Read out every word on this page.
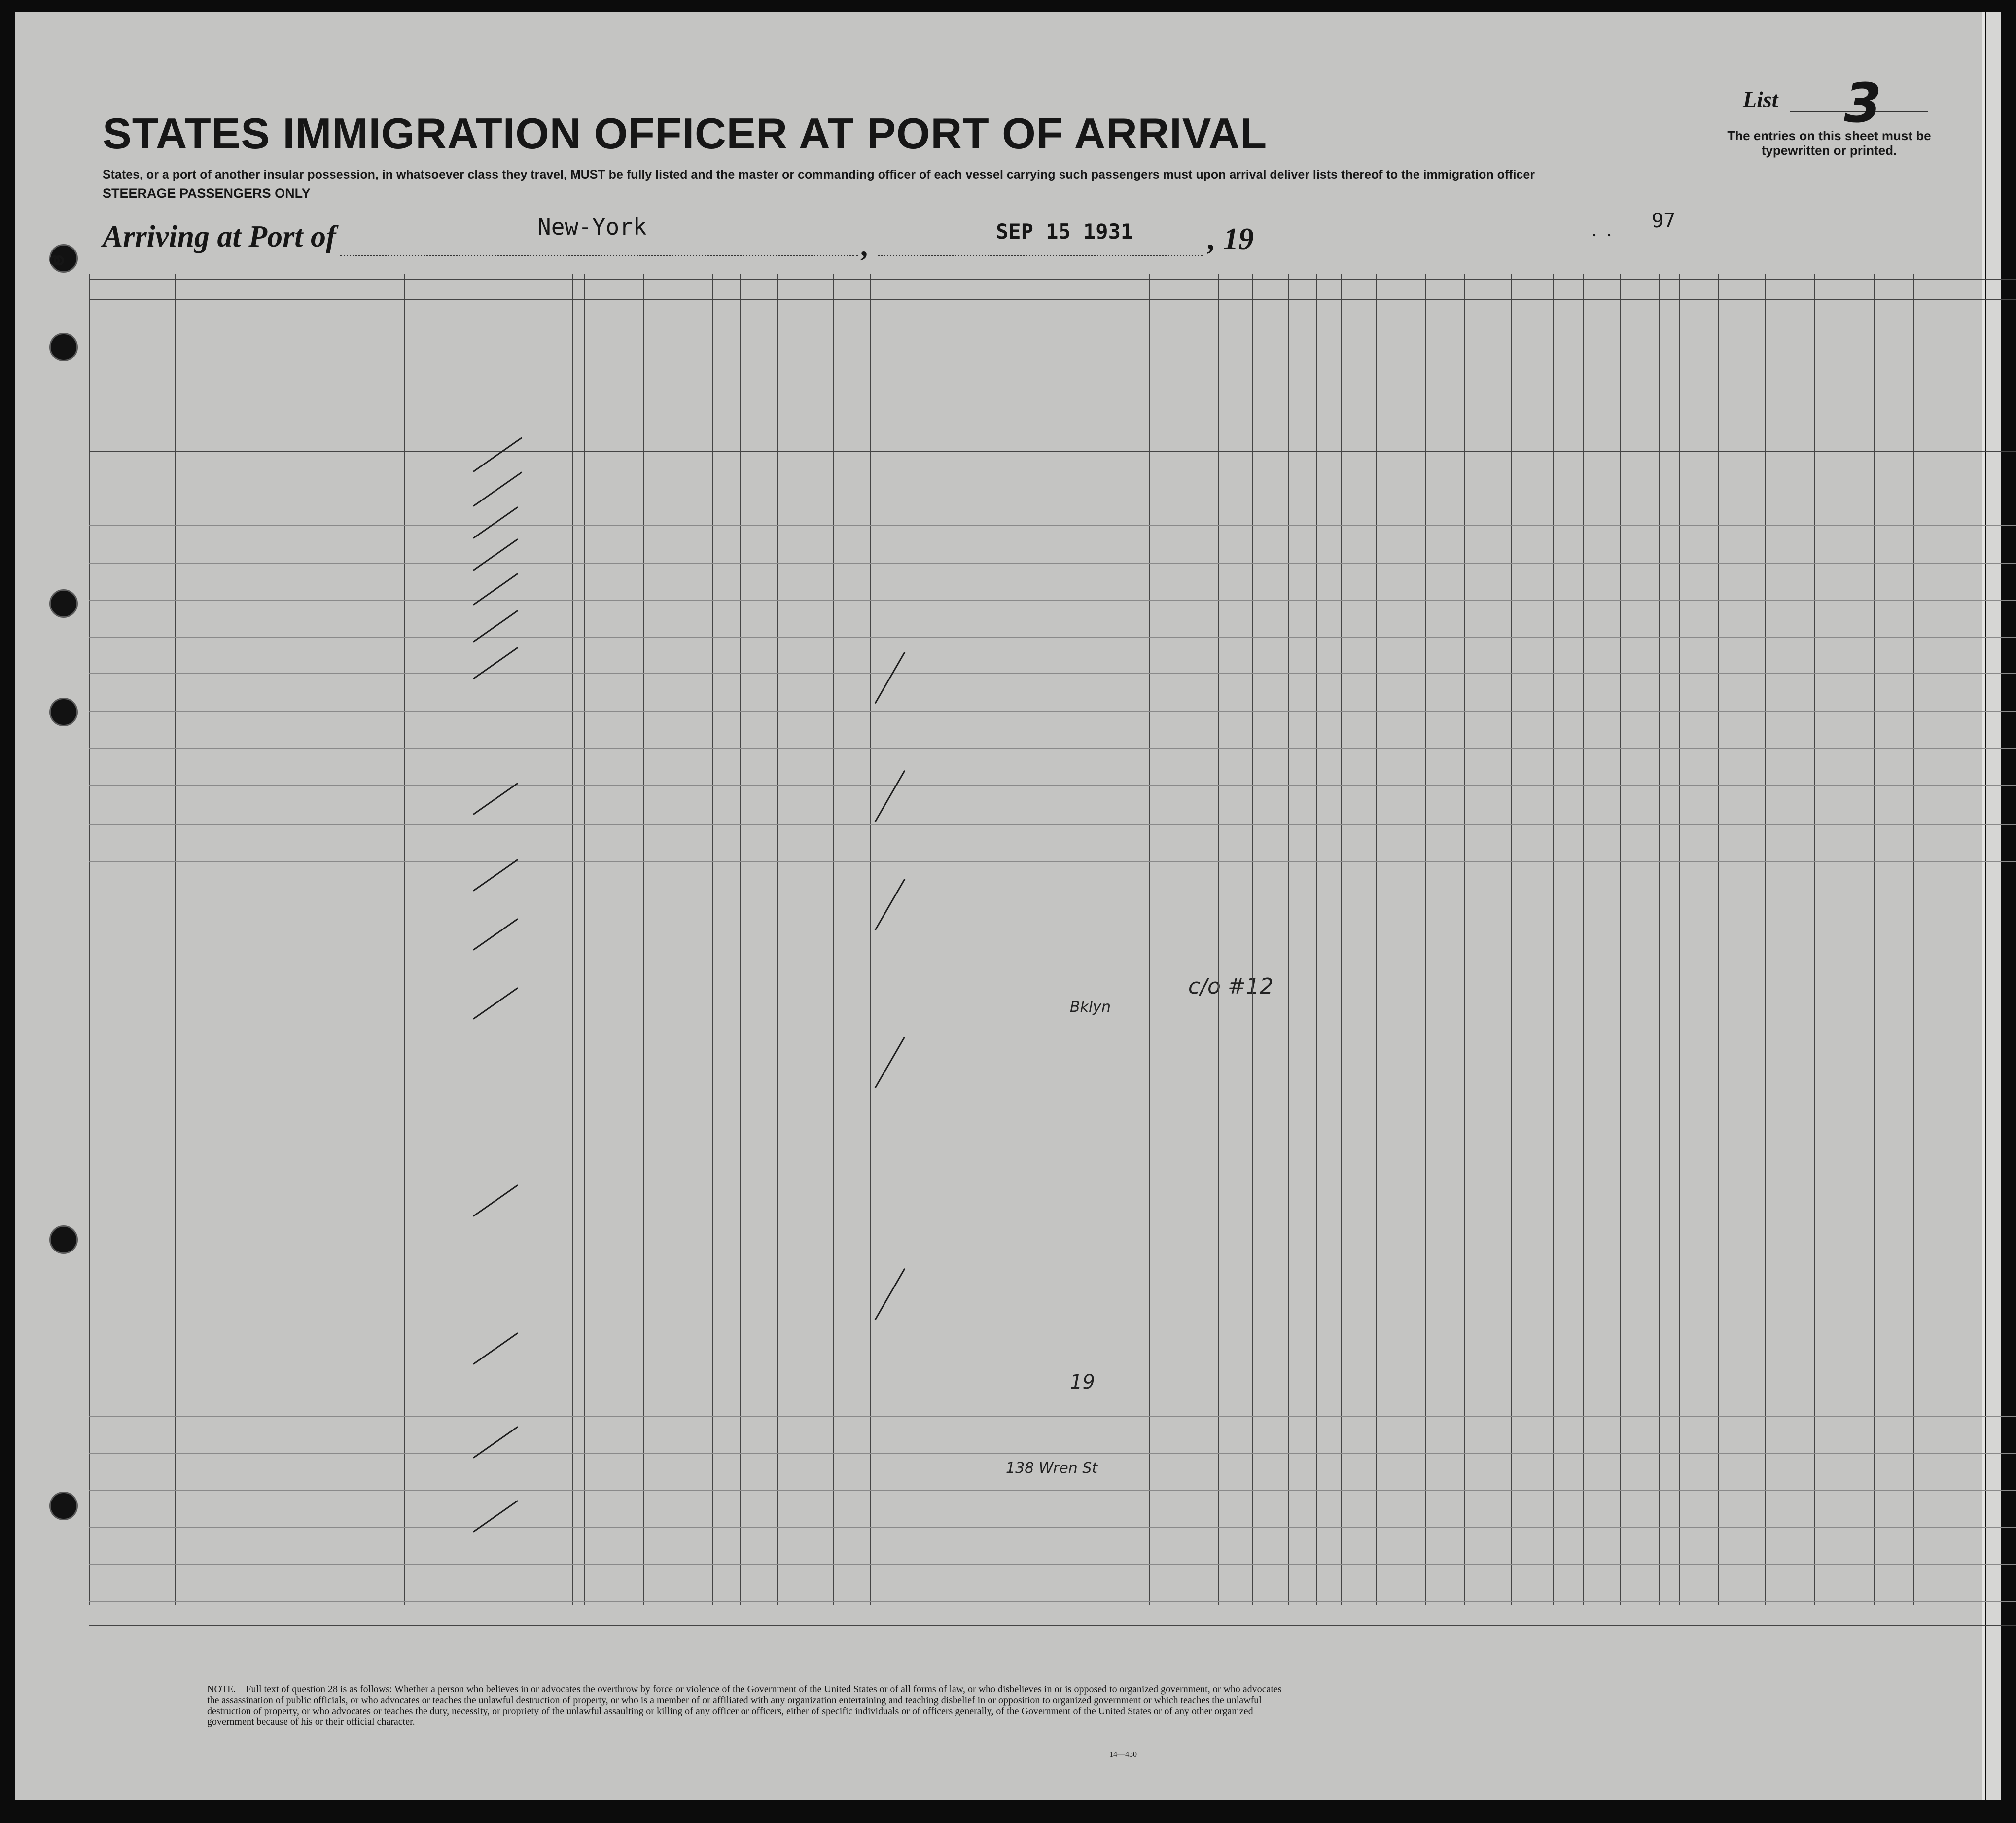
STATES IMMIGRATION OFFICER AT PORT OF ARRIVAL
States, or a port of another insular possession, in whatsoever class they travel, MUST be fully listed and the master or commanding officer of each vessel carrying such passengers must upon arrival deliver lists thereof to the immigration officer
STEERAGE PASSENGERS ONLY
Arriving at Port of	New-York
,	SEP 15 1931 , 19
97
.   .
List 3
The entries on this sheet must be typewritten or printed.
⚭
NOTE.—Full text of question 28 is as follows: Whether a person who believes in or advocates the overthrow by force or violence of the Government of the United States or of all forms of law, or who disbelieves in or is opposed to organized government, or who advocates the assassination of public officials, or who advocates or teaches the unlawful destruction of property, or who is a member of or affiliated with any organization entertaining and teaching disbelief in or opposition to organized government or which teaches the unlawful destruction of property, or who advocates or teaches the duty, necessity, or propriety of the unlawful assaulting or killing of any officer or officers, either of specific individuals or of officers generally, of the Government of the United States or of any other organized government because of his or their official character.
14—430
c/o #12
Bklyn
19
138 Wren St
